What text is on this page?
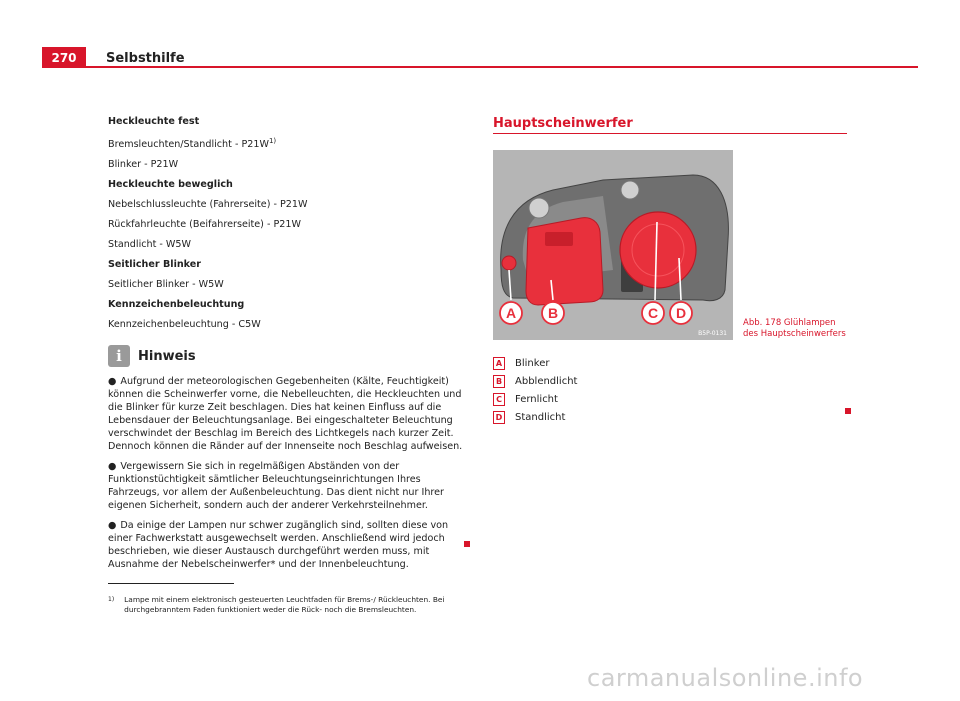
270	Selbsthilfe

Heckleuchte fest

Bremsleuchten/Standlicht - $P21W^{1)}$

Blinker - P21W

Heckleuchte beweglich

Nebelschlussleuchte (Fahrerseite) - P21W

Rückfahrleuchte (Beifahrerseite) - P21W

Standlicht - W5W

Seitlicher Blinker

Seitlicher Blinker - W5W

Kennzeichenbeleuchtung

Kennzeichenbeleuchtung - C5W

i	Hinweis

● Aufgrund der meteorologischen Gegebenheiten (Kälte, Feuchtigkeit) können die Scheinwerfer vorne, die Nebelleuchten, die Heckleuchten und die Blinker für kurze Zeit beschlagen. Dies hat keinen Einfluss auf die Lebensdauer der Beleuchtungsanlage. Bei eingeschalteter Beleuchtung verschwindet der Beschlag im Bereich des Lichtkegels nach kurzer Zeit. Dennoch können die Ränder auf der Innenseite noch Beschlag aufweisen.

● Vergewissern Sie sich in regelmäßigen Abständen von der Funktionstüchtigkeit sämtlicher Beleuchtungseinrichtungen Ihres Fahrzeugs, vor allem der Außenbeleuchtung. Das dient nicht nur Ihrer eigenen Sicherheit, sondern auch der anderer Verkehrsteilnehmer.

● Da einige der Lampen nur schwer zugänglich sind, sollten diese von einer Fachwerkstatt ausgewechselt werden. Anschließend wird jedoch beschrieben, wie dieser Austausch durchgeführt werden muss, mit Ausnahme der Nebelscheinwerfer* und der Innenbeleuchtung.

Hauptscheinwerfer
A B	C D
B5P-0131
Abb. 178 Glühlampen
des Hauptscheinwerfers
A Blinker
B Abblendlicht
C	Fernlicht
D Standlicht
$^{1)}$ Lampe mit einem elektronisch gesteuerten Leuchtfaden für Brems-/ Rückleuchten. Bei durchgebranntem Faden funktioniert weder die Rück- noch die Bremsleuchten.
carmanualsonline.info
